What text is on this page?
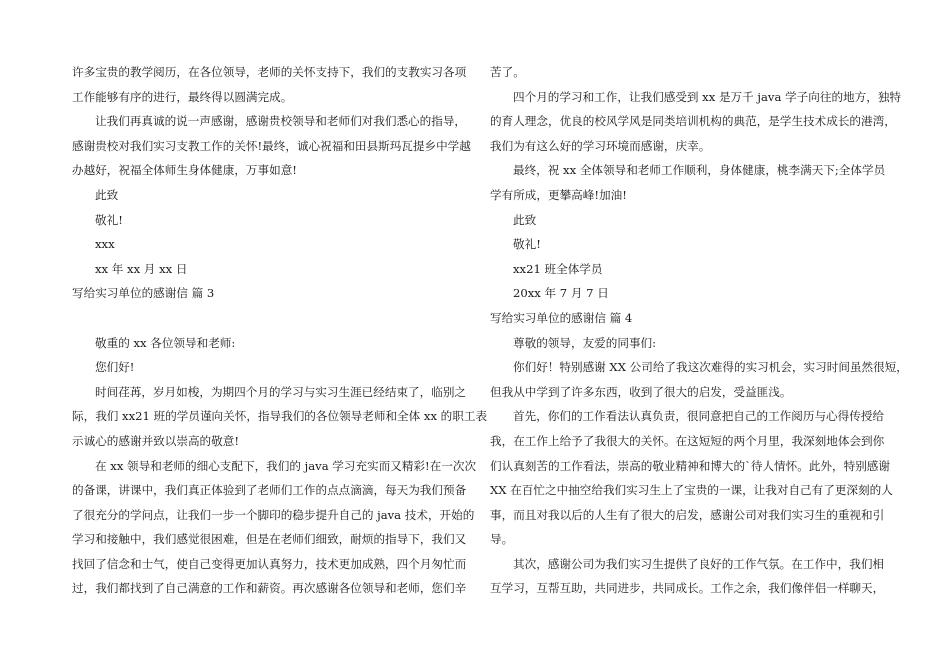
许多宝贵的教学阅历，在各位领导，老师的关怀支持下，我们的支教实习各项
工作能够有序的进行，最终得以圆满完成。
让我们再真诚的说一声感谢，感谢贵校领导和老师们对我们悉心的指导，
感谢贵校对我们实习支教工作的关怀!最终，诚心祝福和田县斯玛瓦提乡中学越
办越好，祝福全体师生身体健康，万事如意!
此致
敬礼!
xxx
xx 年 xx 月 xx 日
写给实习单位的感谢信 篇 3
敬重的 xx 各位领导和老师:
您们好!
时间荏苒，岁月如梭，为期四个月的学习与实习生涯已经结束了，临别之
际，我们 xx21 班的学员谨向关怀，指导我们的各位领导老师和全体 xx 的职工表
示诚心的感谢并致以崇高的敬意!
在 xx 领导和老师的细心支配下，我们的 java 学习充实而又精彩!在一次次
的备课，讲课中，我们真正体验到了老师们工作的点点滴滴，每天为我们预备
了很充分的学问点，让我们一步一个脚印的稳步提升自己的 java 技术，开始的
学习和接触中，我们感觉很困难，但是在老师们细致，耐烦的指导下，我们又
找回了信念和士气，使自己变得更加认真努力，技术更加成熟，四个月匆忙而
过，我们都找到了自己满意的工作和薪资。再次感谢各位领导和老师，您们辛
苦了。
四个月的学习和工作，让我们感受到 xx 是万千 java 学子向往的地方，独特
的育人理念，优良的校风学风是同类培训机构的典范，是学生技术成长的港湾，
我们为有这么好的学习环境而感谢，庆幸。
最终，祝 xx 全体领导和老师工作顺利，身体健康，桃李满天下;全体学员
学有所成，更攀高峰!加油!
此致
敬礼!
xx21 班全体学员
20xx 年 7 月 7 日
写给实习单位的感谢信 篇 4
尊敬的领导，友爱的同事们:
你们好！特别感谢 XX 公司给了我这次难得的实习机会，实习时间虽然很短，
但我从中学到了许多东西，收到了很大的启发，受益匪浅。
首先，你们的工作看法认真负责，很同意把自己的工作阅历与心得传授给
我，在工作上给予了我很大的关怀。在这短短的两个月里，我深刻地体会到你
们认真刻苦的工作看法，崇高的敬业精神和博大的`待人情怀。此外，特别感谢
XX 在百忙之中抽空给我们实习生上了宝贵的一课，让我对自己有了更深刻的人
事，而且对我以后的人生有了很大的启发，感谢公司对我们实习生的重视和引
导。
其次，感谢公司为我们实习生提供了良好的工作气氛。在工作中，我们相
互学习，互帮互助，共同进步，共同成长。工作之余，我们像伴侣一样聊天，
